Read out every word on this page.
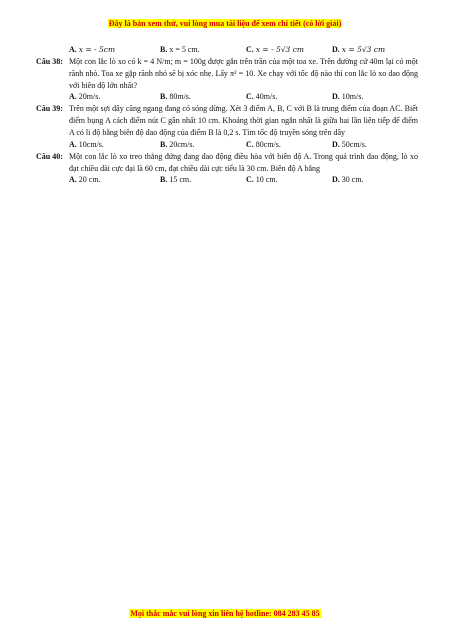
Đây là bản xem thử, vui lòng mua tài liệu để xem chi tiết (có lời giải)
A. x = - 5cm	B. x = 5 cm.	C. x = - 5√3 cm	D. x = 5√3 cm
Câu 38: Một con lắc lò xo có k = 4 N/m; m = 100g được gắn trên trần của một toa xe. Trên đường cứ 40m lại có một rãnh nhỏ. Toa xe gặp rãnh nhỏ sẽ bị xóc nhẹ. Lấy π² = 10. Xe chạy với tốc độ nào thì con lắc lò xo dao động với biên độ lớn nhất?
A. 20m/s.	B. 80m/s.	C. 40m/s.	D. 10m/s.
Câu 39: Trên một sợi dây căng ngang đang có sóng dừng. Xét 3 điểm A, B, C với B là trung điểm của đoạn AC. Biết điểm bụng A cách điểm nút C gần nhất 10 cm. Khoảng thời gian ngắn nhất là giữa hai lần liên tiếp để điểm A có li độ bằng biên độ dao động của điểm B là 0,2 s. Tìm tốc độ truyền sóng trên dây
A. 10cm/s.	B. 20cm/s.	C. 80cm/s.	D. 50cm/s.
Câu 40: Một con lắc lò xo treo thẳng đứng đang dao động điều hòa với biên độ A. Trong quá trình dao động, lò xo đạt chiều dài cực đại là 60 cm, đạt chiều dài cực tiểu là 30 cm. Biên độ A bằng
A. 20 cm.	B. 15 cm.	C. 10 cm.	D. 30 cm.
Mọi thắc mắc vui lòng xin liên hệ hotline: 084 283 45 85
